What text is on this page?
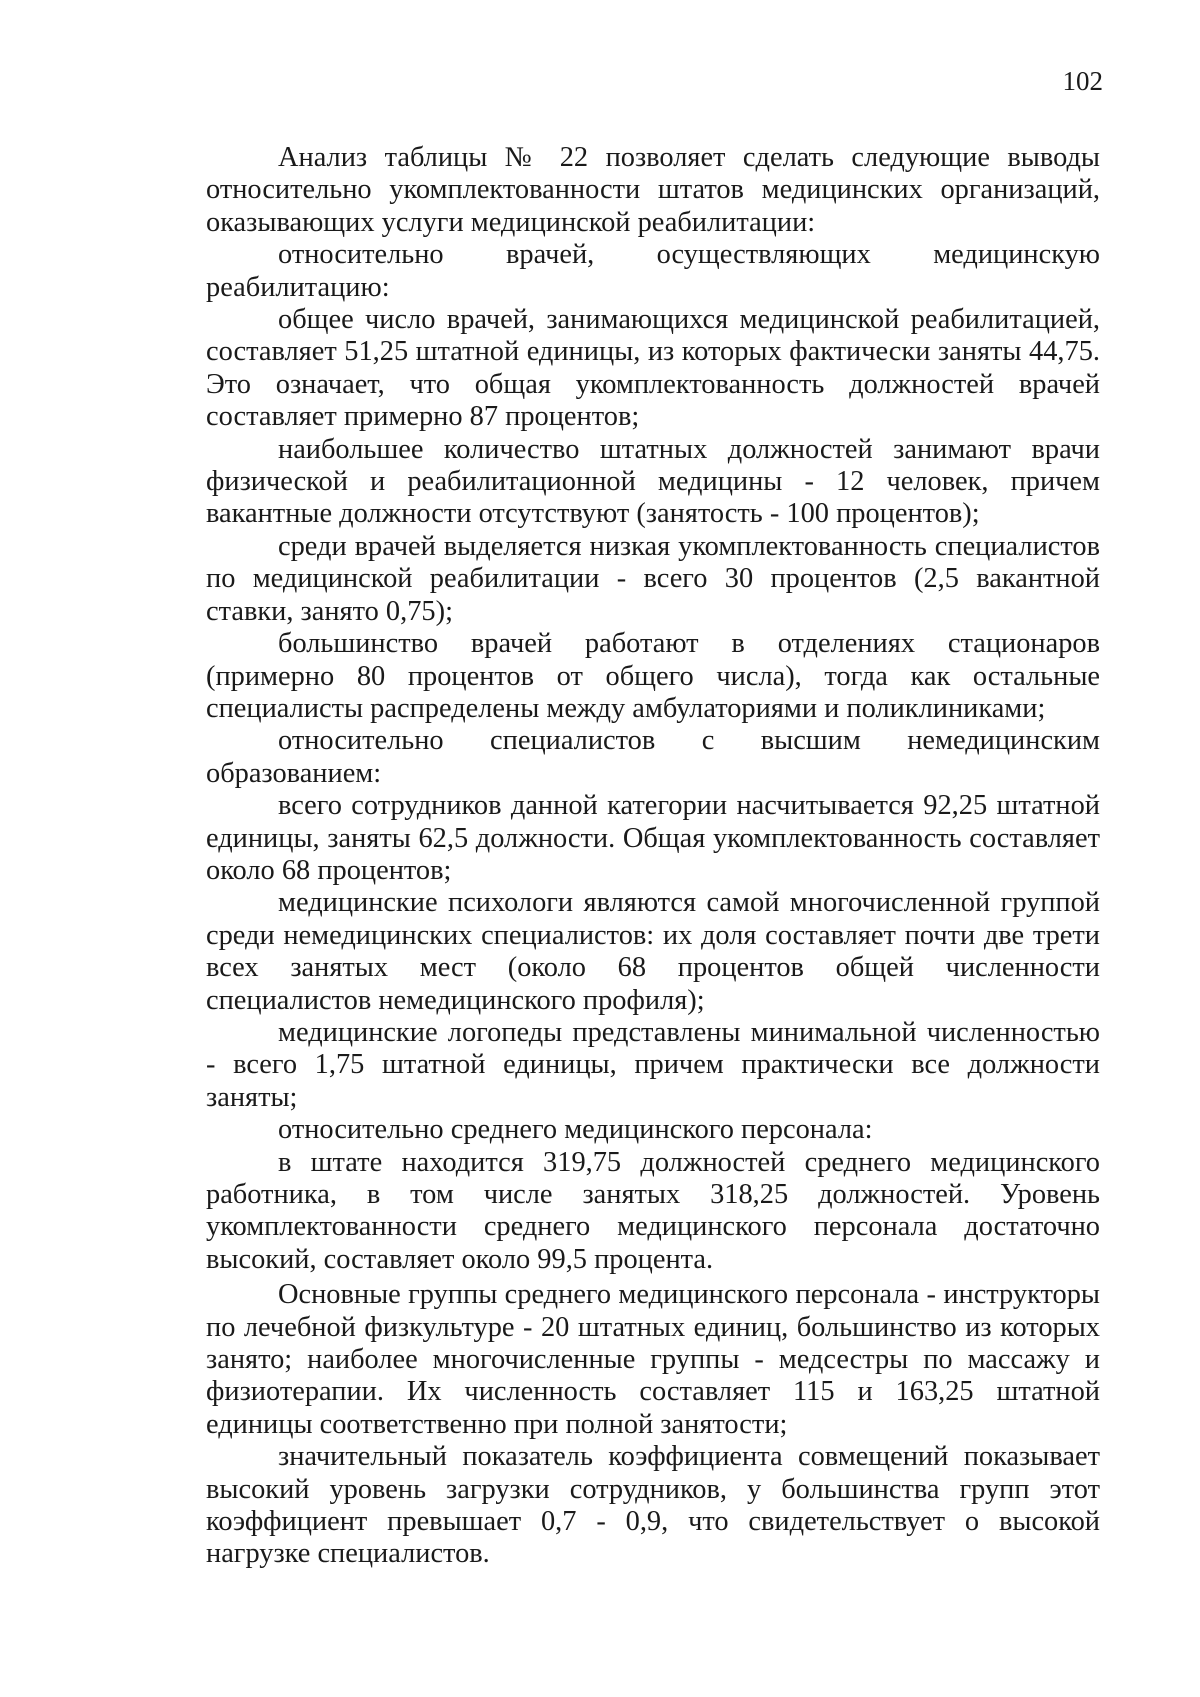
102

Анализ таблицы № 22 позволяет сделать следующие выводы относительно укомплектованности штатов медицинских организаций, оказывающих услуги медицинской реабилитации:

относительно врачей, осуществляющих медицинскую реабилитацию:

общее число врачей, занимающихся медицинской реабилитацией, составляет 51,25 штатной единицы, из которых фактически заняты 44,75. Это означает, что общая укомплектованность должностей врачей составляет примерно 87 процентов;

наибольшее количество штатных должностей занимают врачи физической и реабилитационной медицины - 12 человек, причем вакантные должности отсутствуют (занятость - 100 процентов);

среди врачей выделяется низкая укомплектованность специалистов по медицинской реабилитации - всего 30 процентов (2,5 вакантной ставки, занято 0,75);

большинство врачей работают в отделениях стационаров (примерно 80 процентов от общего числа), тогда как остальные специалисты распределены между амбулаториями и поликлиниками;

относительно специалистов с высшим немедицинским образованием:

всего сотрудников данной категории насчитывается 92,25 штатной единицы, заняты 62,5 должности. Общая укомплектованность составляет около 68 процентов;

медицинские психологи являются самой многочисленной группой среди немедицинских специалистов: их доля составляет почти две трети всех занятых мест (около 68 процентов общей численности специалистов немедицинского профиля);

медицинские логопеды представлены минимальной численностью - всего 1,75 штатной единицы, причем практически все должности заняты;

относительно среднего медицинского персонала:

в штате находится 319,75 должностей среднего медицинского работника, в том числе занятых 318,25 должностей. Уровень укомплектованности среднего медицинского персонала достаточно высокий, составляет около 99,5 процента.

Основные группы среднего медицинского персонала - инструкторы по лечебной физкультуре - 20 штатных единиц, большинство из которых занято; наиболее многочисленные группы - медсестры по массажу и физиотерапии. Их численность составляет 115 и 163,25 штатной единицы соответственно при полной занятости;

значительный показатель коэффициента совмещений показывает высокий уровень загрузки сотрудников, у большинства групп этот коэффициент превышает 0,7 - 0,9, что свидетельствует о высокой нагрузке специалистов.
